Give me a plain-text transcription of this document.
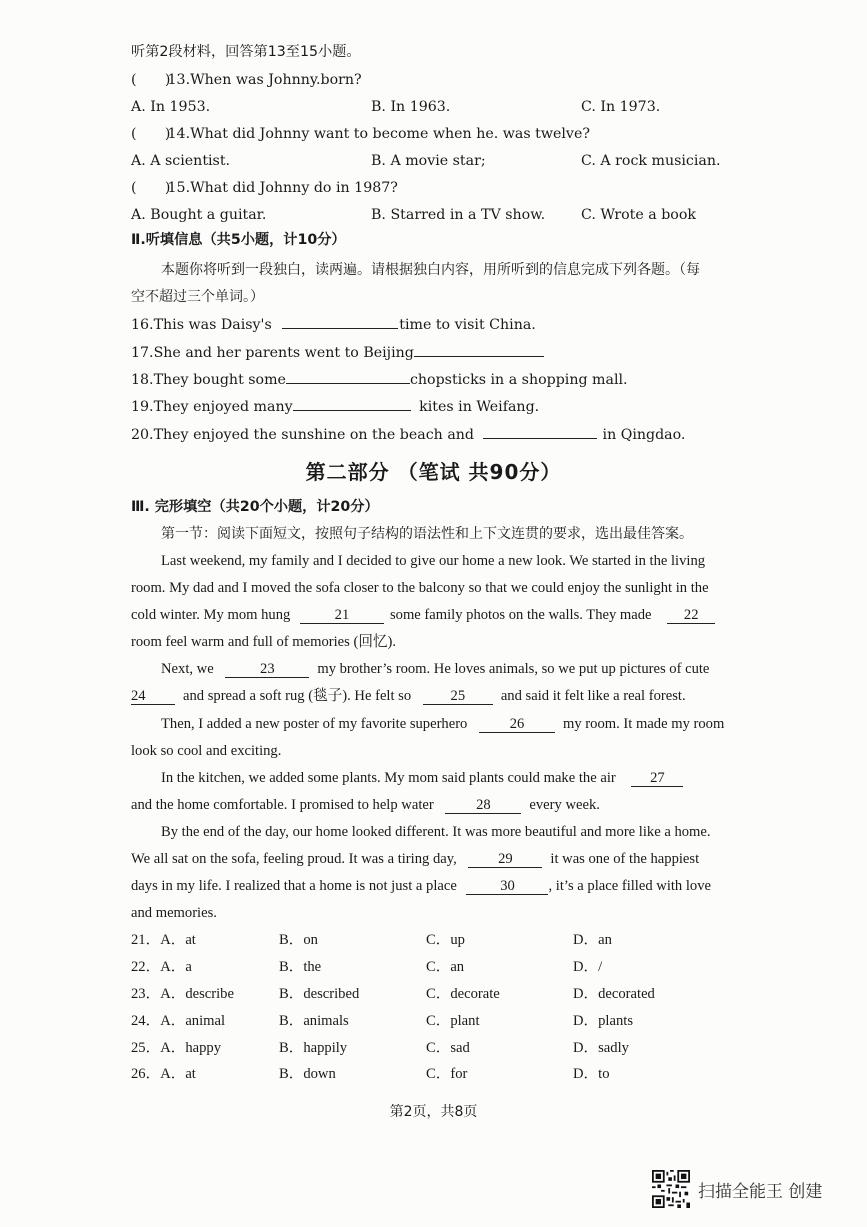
听第2段材料，回答第13至15小题。
(　　) 13.When was Johnny.born?
A. In 1953.	B. In 1963.	C. In 1973.
(　　) 14.What did Johnny want to become when he. was twelve?
A. A scientist.	B. A movie star;	C. A rock musician.
(　　) 15.What did Johnny do in 1987?
A. Bought a guitar.	B. Starred in a TV show.	C. Wrote a book
Ⅱ.听填信息（共5小题，计10分）
本题你将听到一段独白，读两遍。请根据独白内容，用所听到的信息完成下列各题。（每
空不超过三个单词。）
16.This was Daisy's	time to visit China.
17.She and her parents went to Beijing
18.They bought some	chopsticks in a shopping mall.
19.They enjoyed many	kites in Weifang.
20.They enjoyed the sunshine on the beach and	in Qingdao.
第二部分 （笔试 共90分）
Ⅲ. 完形填空（共20个小题，计20分）
第一节：阅读下面短文，按照句子结构的语法性和上下文连贯的要求，选出最佳答案。
Last weekend, my family and I decided to give our home a new look. We started in the living
room. My dad and I moved the sofa closer to the balcony so that we could enjoy the sunlight in the
cold winter. My mom hung	21	some family photos on the walls. They made 22
room feel warm and full of memories (回忆).
Next, we	23	my brother’s room. He loves animals, so we put up pictures of cute
24	and spread a soft rug (毯子). He felt so	25 and said it felt like a real forest.
Then, I added a new poster of my favorite superhero	26	my room. It made my room
look so cool and exciting.
In the kitchen, we added some plants. My mom said plants could make the air 27
and the home comfortable. I promised to help water	28	every week.
By the end of the day, our home looked different. It was more beautiful and more like a home.
We all sat on the sofa, feeling proud. It was a tiring day,	29	it was one of the happiest
days in my life. I realized that a home is not just a place	30 , it’s a place filled with love
and memories.
21．A．at	B．on	C．up	D．an
22．A．a	B．the	C．an	D．/
23．A．describe	B．described	C．decorate	D．decorated
24．A．animal	B．animals	C．plant	D．plants
25．A．happy	B．happily	C．sad	D．sadly
26．A．at	B．down	C．for	D．to
第2页，共8页
扫描全能王 创建
